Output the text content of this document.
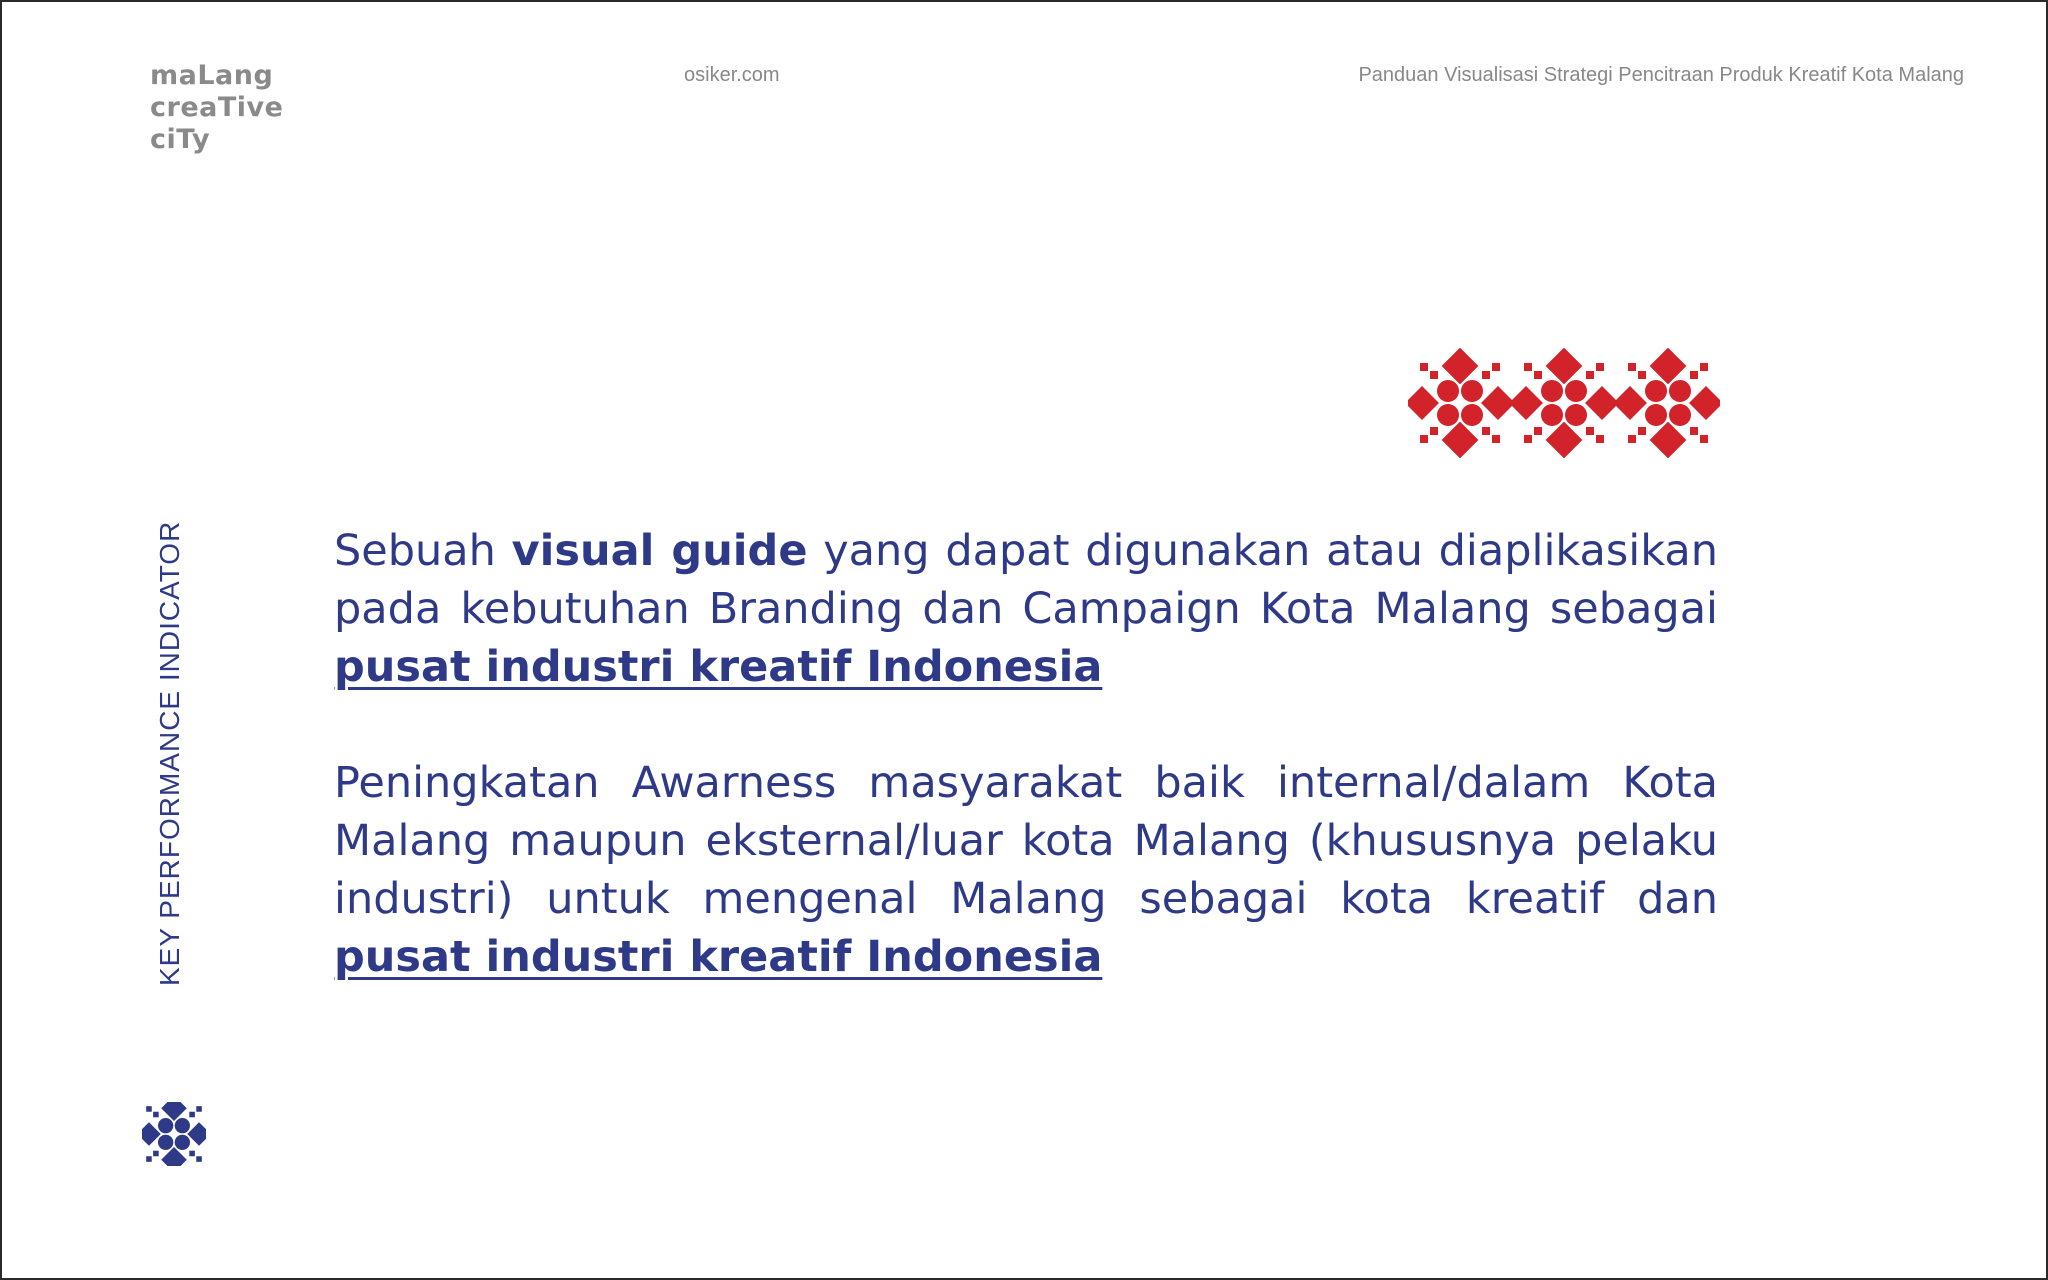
maLang
creaTive
ciTy
osiker.com	Panduan Visualisasi Strategi Pencitraan Produk Kreatif Kota Malang
KEY PERFORMANCE INDICATOR	Sebuah visual guide yang dapat digunakan atau diaplikasikan pada kebutuhan Branding dan Campaign Kota Malang sebagai pusat industri kreatif Indonesia

Peningkatan Awarness masyarakat baik internal/dalam Kota Malang maupun eksternal/luar kota Malang (khususnya pelaku industri) untuk mengenal Malang sebagai kota kreatif dan pusat industri kreatif Indonesia
